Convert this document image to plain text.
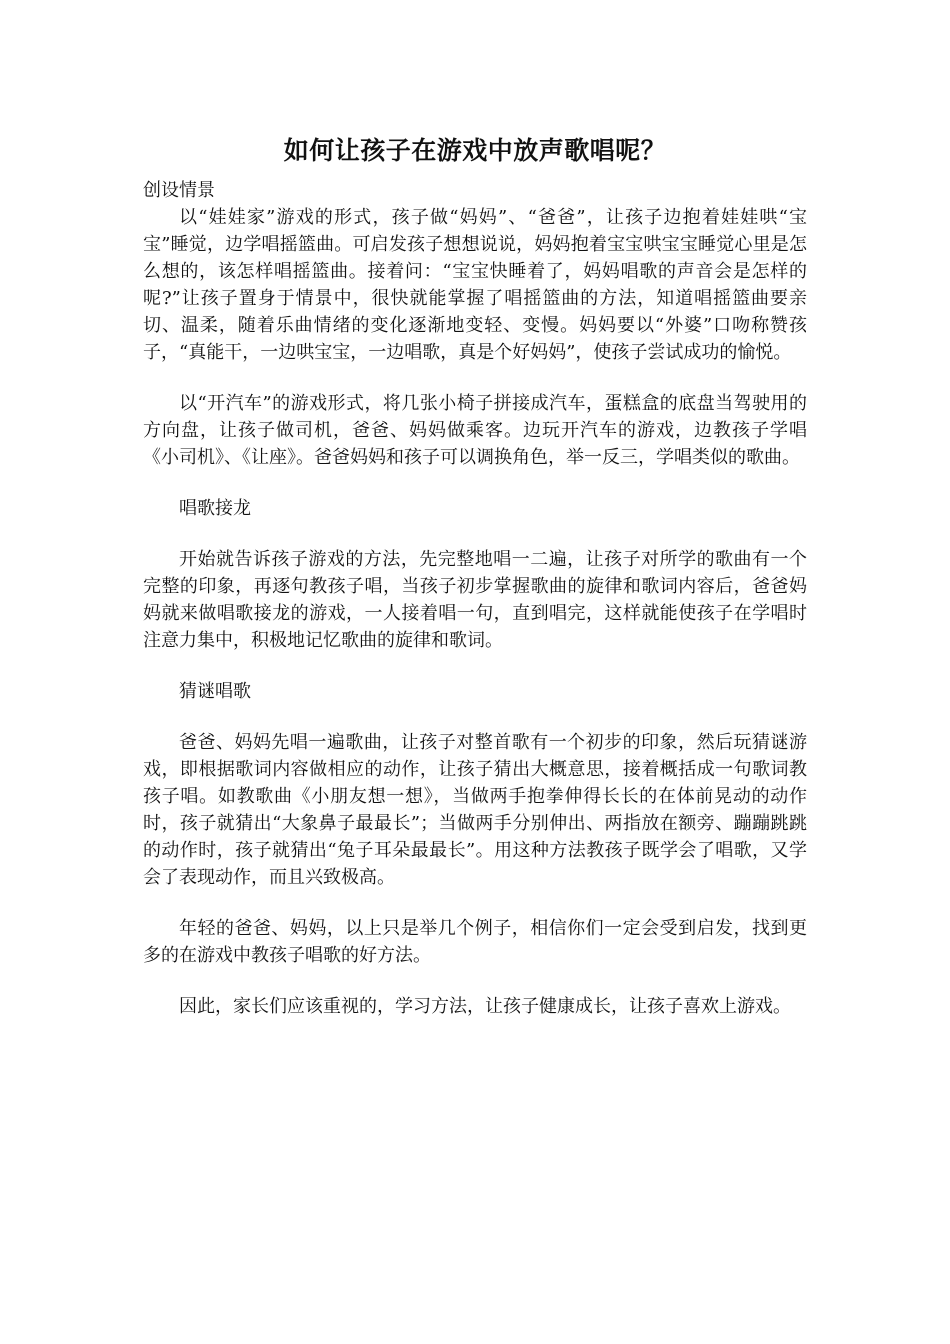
如何让孩子在游戏中放声歌唱呢？

创设情景

以“娃娃家”游戏的形式，孩子做“妈妈”、“爸爸”，让孩子边抱着娃娃哄“宝宝”睡觉，边学唱摇篮曲。可启发孩子想想说说，妈妈抱着宝宝哄宝宝睡觉心里是怎么想的，该怎样唱摇篮曲。接着问：“宝宝快睡着了，妈妈唱歌的声音会是怎样的呢?”让孩子置身于情景中，很快就能掌握了唱摇篮曲的方法，知道唱摇篮曲要亲切、温柔，随着乐曲情绪的变化逐渐地变轻、变慢。妈妈要以“外婆”口吻称赞孩子，“真能干，一边哄宝宝，一边唱歌，真是个好妈妈”，使孩子尝试成功的愉悦。

以“开汽车”的游戏形式，将几张小椅子拼接成汽车，蛋糕盒的底盘当驾驶用的方向盘，让孩子做司机，爸爸、妈妈做乘客。边玩开汽车的游戏，边教孩子学唱《小司机》、《让座》。爸爸妈妈和孩子可以调换角色，举一反三，学唱类似的歌曲。

唱歌接龙

开始就告诉孩子游戏的方法，先完整地唱一二遍，让孩子对所学的歌曲有一个完整的印象，再逐句教孩子唱，当孩子初步掌握歌曲的旋律和歌词内容后，爸爸妈妈就来做唱歌接龙的游戏，一人接着唱一句，直到唱完，这样就能使孩子在学唱时注意力集中，积极地记忆歌曲的旋律和歌词。

猜谜唱歌

爸爸、妈妈先唱一遍歌曲，让孩子对整首歌有一个初步的印象，然后玩猜谜游戏，即根据歌词内容做相应的动作，让孩子猜出大概意思，接着概括成一句歌词教孩子唱。如教歌曲《小朋友想一想》，当做两手抱拳伸得长长的在体前晃动的动作时，孩子就猜出“大象鼻子最最长”；当做两手分别伸出、两指放在额旁、蹦蹦跳跳的动作时，孩子就猜出“兔子耳朵最最长”。用这种方法教孩子既学会了唱歌，又学会了表现动作，而且兴致极高。

年轻的爸爸、妈妈，以上只是举几个例子，相信你们一定会受到启发，找到更多的在游戏中教孩子唱歌的好方法。

因此，家长们应该重视的，学习方法，让孩子健康成长，让孩子喜欢上游戏。
